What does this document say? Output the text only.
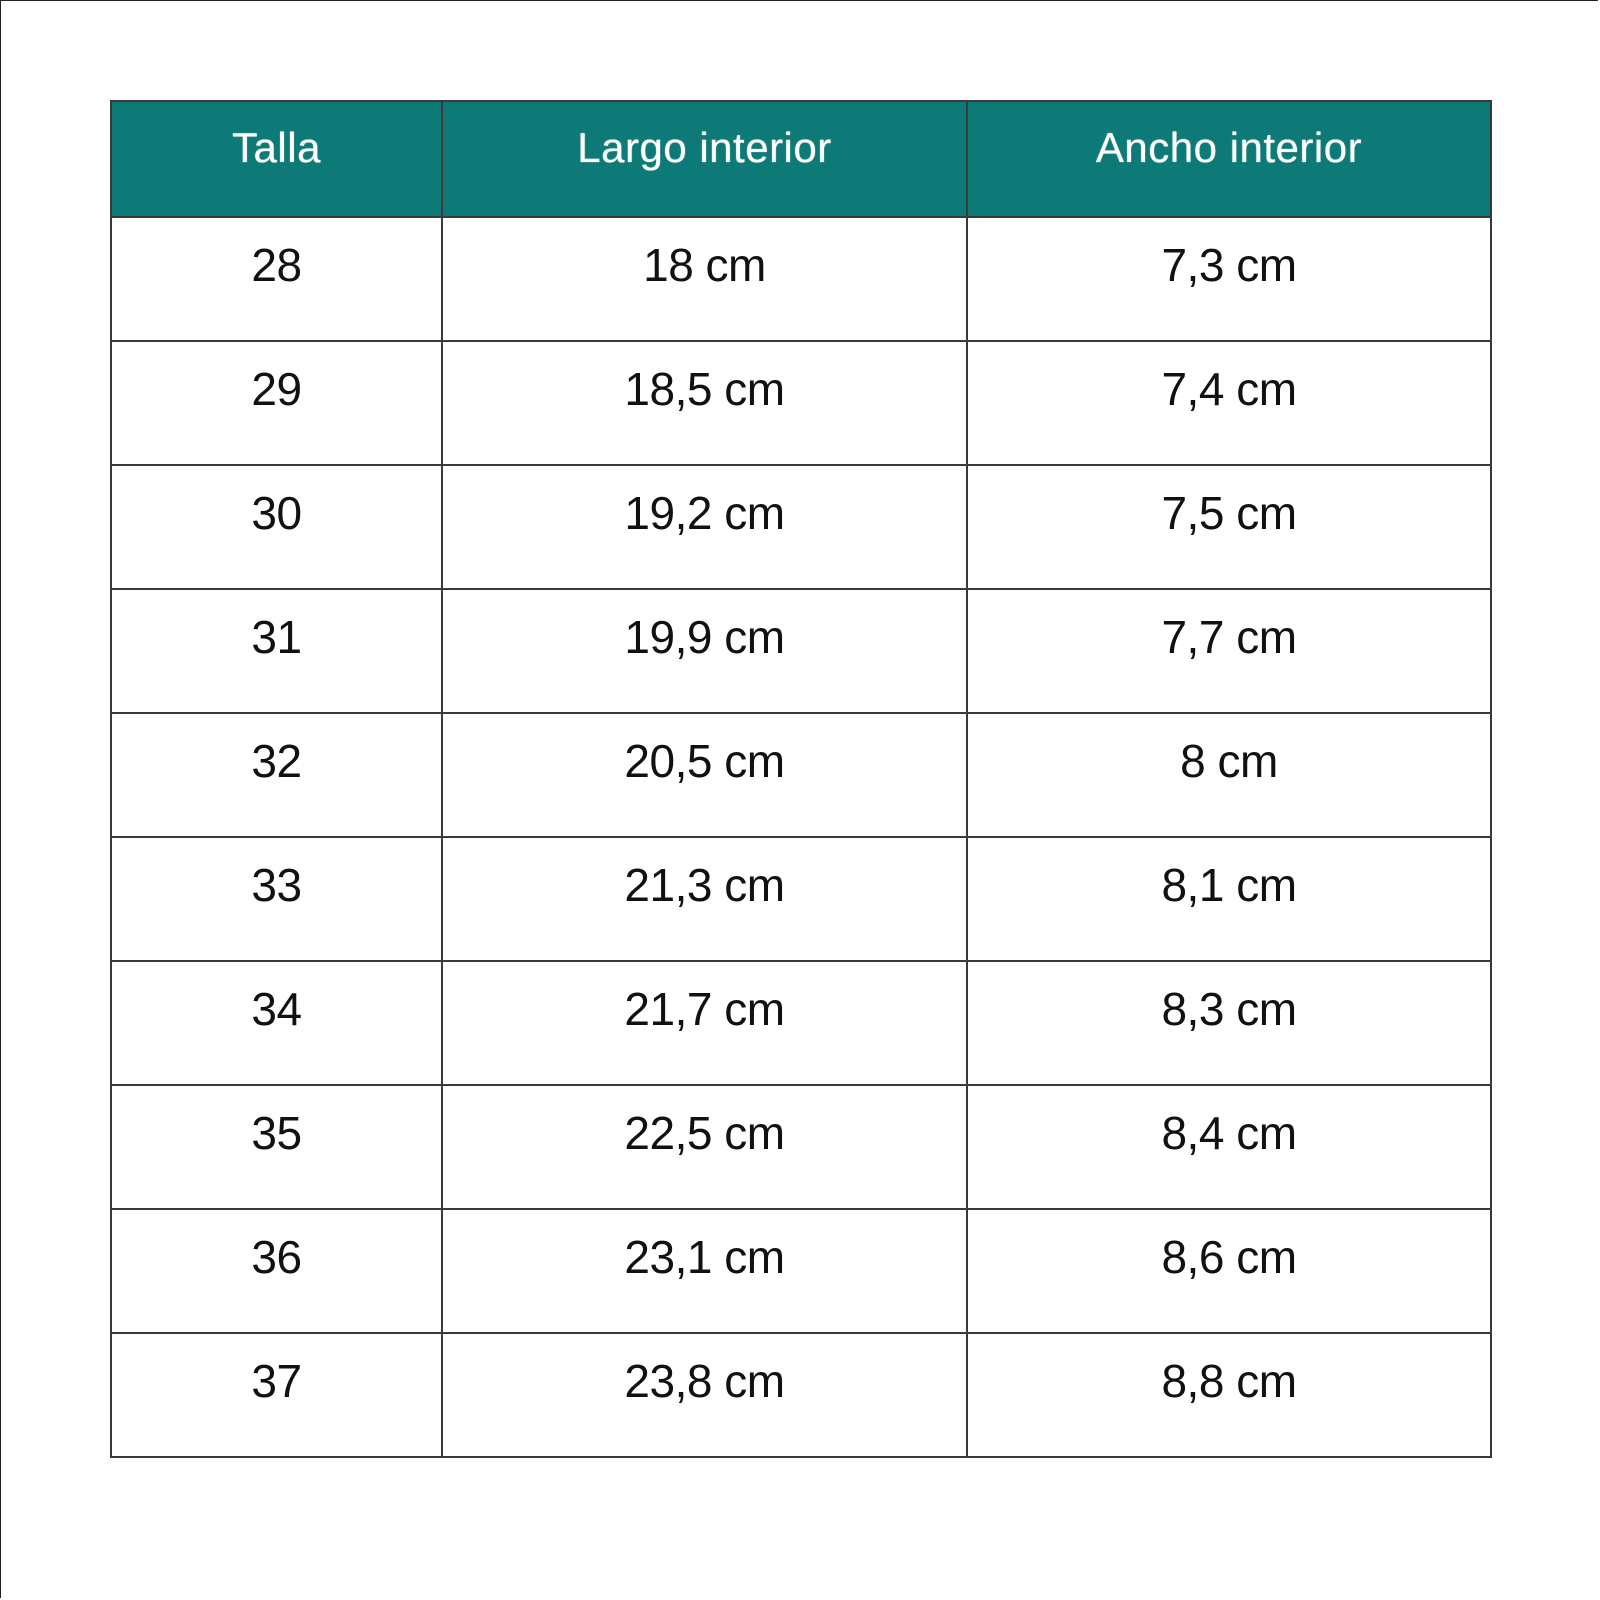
Talla	Largo interior	Ancho interior
28	18 cm	7,3 cm
29	18,5 cm	7,4 cm
30	19,2 cm	7,5 cm
31	19,9 cm	7,7 cm
32	20,5 cm	8 cm
33	21,3 cm	8,1 cm
34	21,7 cm	8,3 cm
35	22,5 cm	8,4 cm
36	23,1 cm	8,6 cm
37	23,8 cm	8,8 cm
